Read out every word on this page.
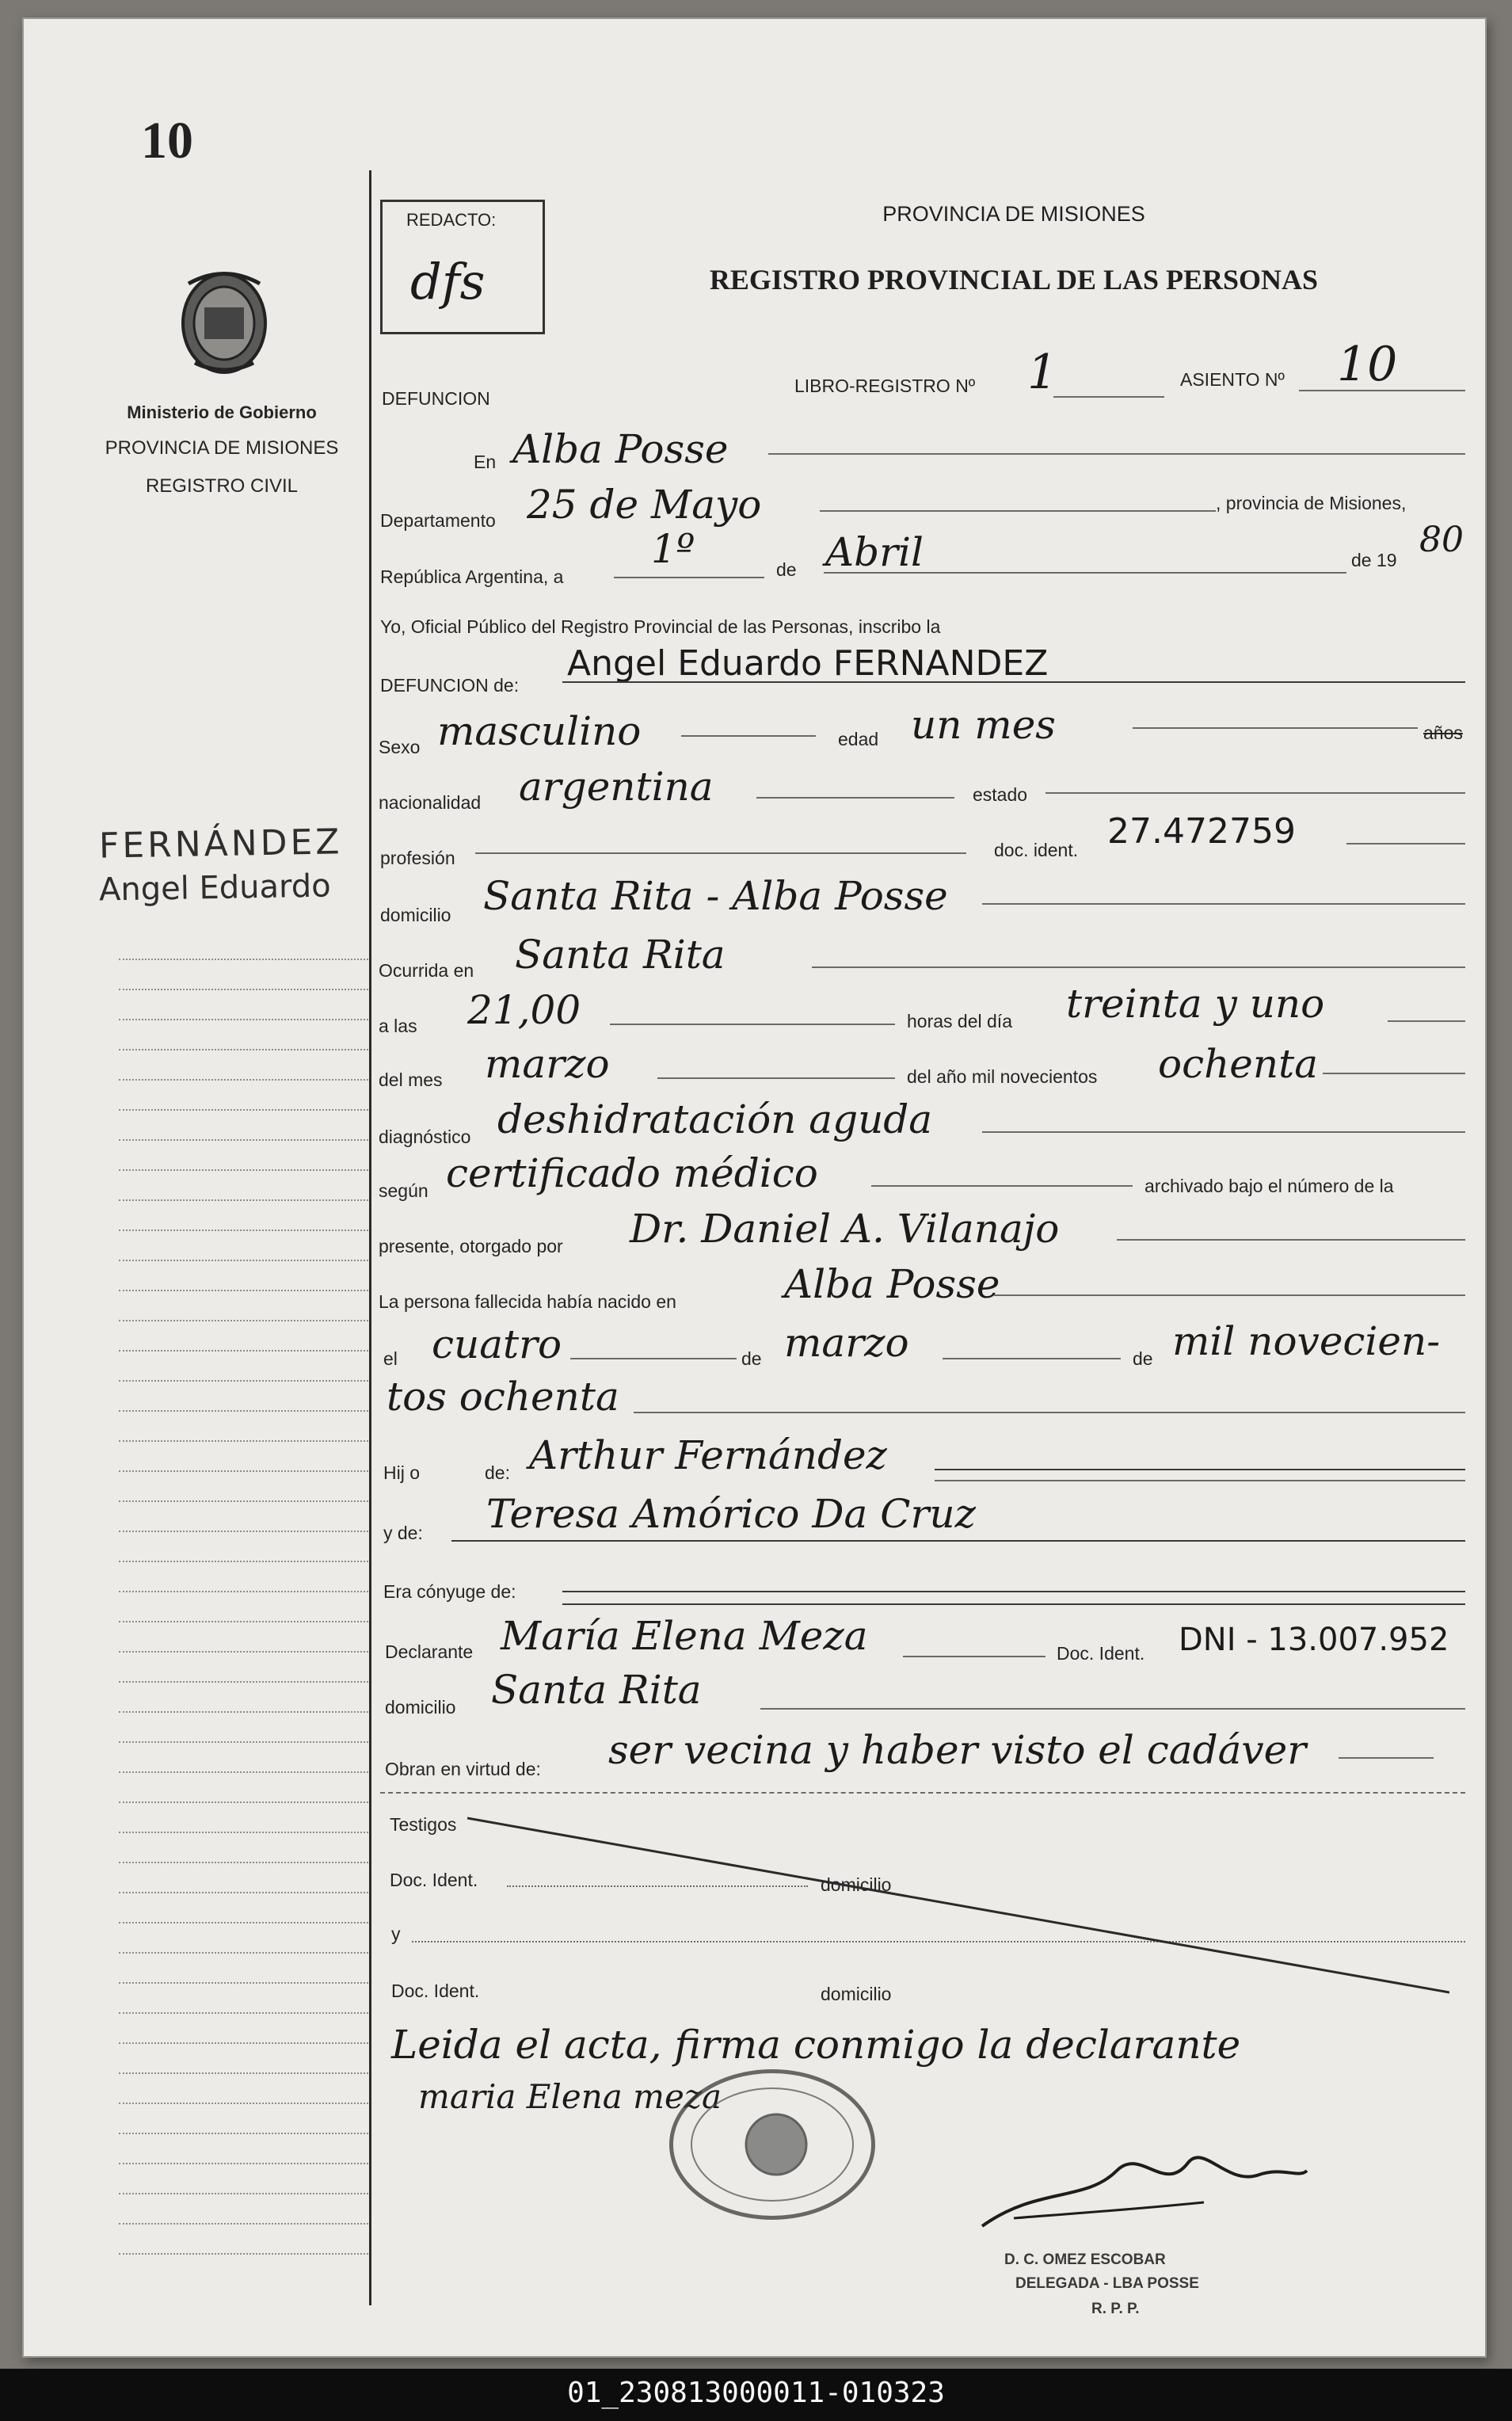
10
Ministerio de Gobierno
PROVINCIA DE MISIONES
REGISTRO CIVIL
FERNÁNDEZ
Angel Eduardo
REDACTO:
dfs
PROVINCIA DE MISIONES
REGISTRO PROVINCIAL DE LAS PERSONAS
DEFUNCION
LIBRO-REGISTRO Nº 1	ASIENTO Nº 10
En Alba Posse
Departamento 25 de Mayo	, provincia de Misiones,
República Argentina, a
1º	de Abril	de 19 80
Yo, Oficial Público del Registro Provincial de las Personas, inscribo la
DEFUNCION de:
Angel Eduardo FERNANDEZ
Sexo masculino	edad un mes	años
nacionalidad argentina	estado
profesión	doc. ident. 27.472759
domicilio Santa Rita - Alba Posse
Ocurrida en Santa Rita
a las 21,00	horas del día treinta y uno
del mes marzo	del año mil novecientos ochenta
diagnóstico deshidratación aguda
según certificado médico	archivado bajo el número de la
presente, otorgado por Dr. Daniel A. Vilanajo
La persona fallecida había nacido en	Alba Posse
el cuatro	de marzo	de mil novecien-
tos ochenta
Hij o	de: Arthur Fernández
y de: Teresa Amórico Da Cruz
Era cónyuge de:
Declarante María Elena Meza	Doc. Ident. DNI - 13.007.952
domicilio Santa Rita
Obran en virtud de: ser vecina y haber visto el cadáver
Testigos
Doc. Ident.	domicilio
y
Doc. Ident.	domicilio
Leida el acta, firma conmigo la declarante
maria Elena meza
D. C. OMEZ ESCOBAR
DELEGADA - LBA POSSE
R. P. P.
01_230813000011-010323
